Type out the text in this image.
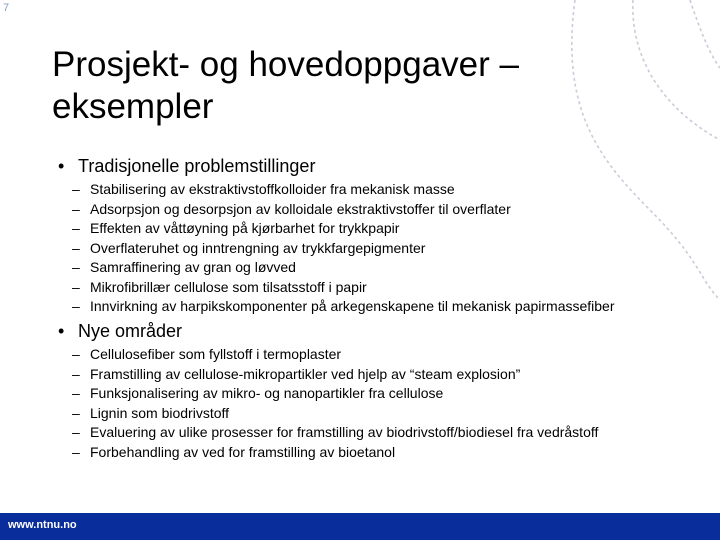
7
Prosjekt- og hovedoppgaver –
eksempler
• Tradisjonelle problemstillinger
– Stabilisering av ekstraktivstoffkolloider fra mekanisk masse
– Adsorpsjon og desorpsjon av kolloidale ekstraktivstoffer til overflater
– Effekten av våttøyning på kjørbarhet for trykkpapir
– Overflateruhet og inntrengning av trykkfargepigmenter
– Samraffinering av gran og løvved
– Mikrofibrillær cellulose som tilsatsstoff i papir
– Innvirkning av harpikskomponenter på arkegenskapene til mekanisk papirmassefiber
• Nye områder
– Cellulosefiber som fyllstoff i termoplaster
– Framstilling av cellulose-mikropartikler ved hjelp av “steam explosion”
– Funksjonalisering av mikro- og nanopartikler fra cellulose
– Lignin som biodrivstoff
– Evaluering av ulike prosesser for framstilling av biodrivstoff/biodiesel fra vedråstoff
– Forbehandling av ved for framstilling av bioetanol
www.ntnu.no
